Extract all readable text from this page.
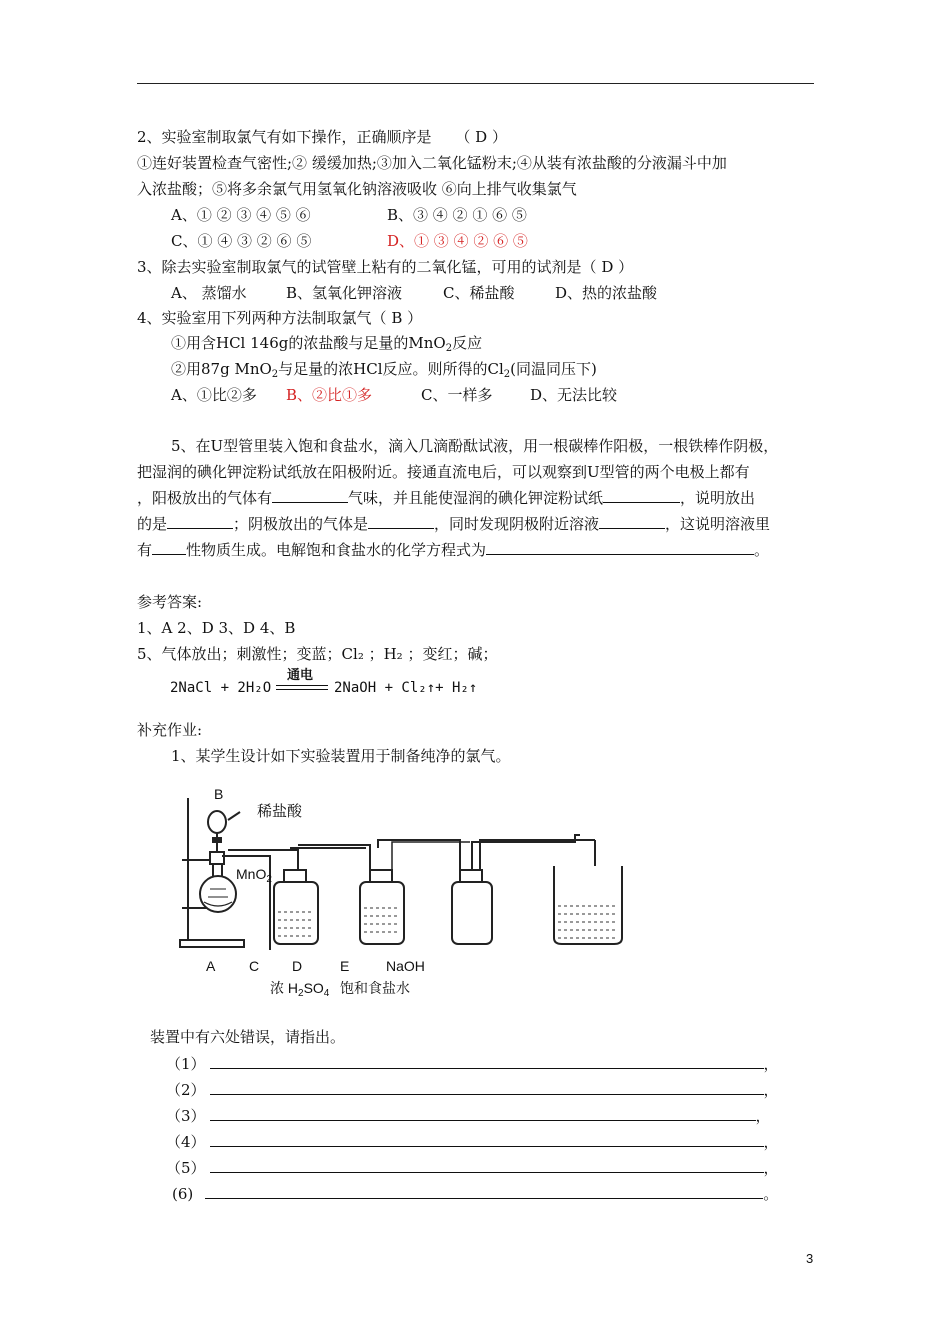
2、实验室制取氯气有如下操作，正确顺序是 （ D ）
①连好装置检查气密性;② 缓缓加热;③加入二氧化锰粉末;④从装有浓盐酸的分液漏斗中加
入浓盐酸；⑤将多余氯气用氢氧化钠溶液吸收 ⑥向上排气收集氯气
A、① ② ③ ④ ⑤ ⑥	B、③ ④ ② ① ⑥ ⑤
C、① ④ ③ ② ⑥ ⑤	D、① ③ ④ ② ⑥ ⑤
3、除去实验室制取氯气的试管壁上粘有的二氧化锰，可用的试剂是（ D ）
A、 蒸馏水	B、氢氧化钾溶液	C、稀盐酸	D、热的浓盐酸
4、实验室用下列两种方法制取氯气（ B ）
①用含HCl 146g的浓盐酸与足量的MnO$_2$反应
②用87g MnO$_2$与足量的浓HCl反应。则所得的$Cl_2$(同温同压下)
A、①比②多 B、②比①多	C、一样多	D、无法比较
5、在U型管里装入饱和食盐水，滴入几滴酚酞试液，用一根碳棒作阳极，一根铁棒作阴极，
把湿润的碘化钾淀粉试纸放在阳极附近。接通直流电后，可以观察到U型管的两个电极上都有
，阳极放出的气体有	气味，并且能使湿润的碘化钾淀粉试纸	，说明放出
的是	；阴极放出的气体是	，同时发现阴极附近溶液	，这说明溶液里
有 性物质生成。电解饱和食盐水的化学方程式为	。
参考答案:
1、A 2、D 3、D 4、B
5、气体放出；刺激性；变蓝；Cl₂ ；H₂ ；变红；碱；
2NaCl + 2H₂O
通电
2NaOH + Cl₂↑+ H₂↑
补充作业:
1、某学生设计如下实验装置用于制备纯净的氯气。
B
稀盐酸
MnO$_2$
A C D	E	NaOH
浓 $H_2SO_4$ 饱和食盐水
装置中有六处错误，请指出。
（1）	，
（2）	，
（3）	，
（4）	，
（5）	，
(6)	。
3
